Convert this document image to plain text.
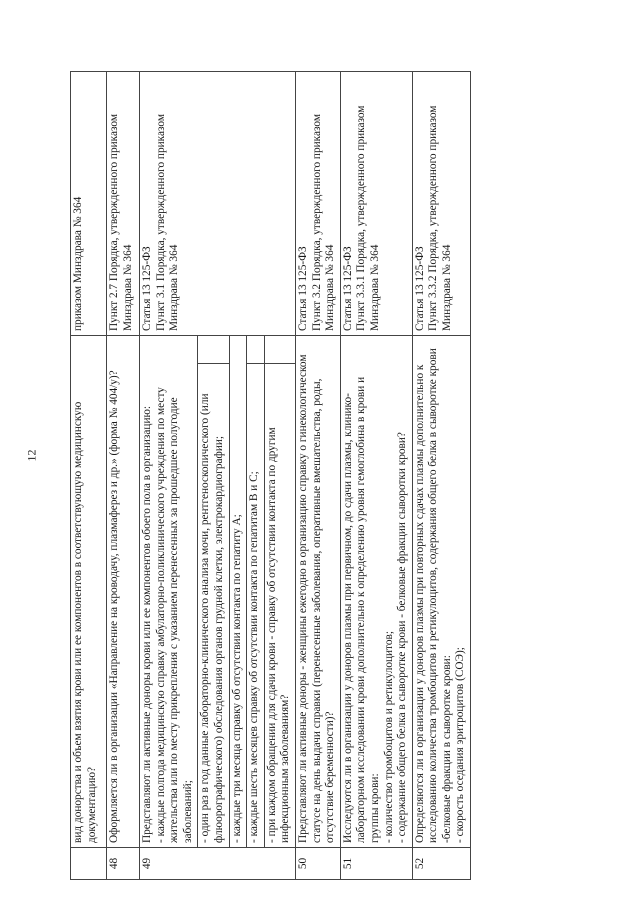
12
		вид донорства и объем взятия крови или ее компонентов в соответствующую медицинскую документацию?		приказом Минздрава № 364
48	Оформляется ли в организации «Направление на кроводачу, плазмаферез и др.» (форма № 404/у)?		Пункт 2.7 Порядка, утвержденного приказом Минздрава № 364
49	Представляют ли активные доноры крови или ее компонентов обоего пола в организацию:
- каждые полгода медицинскую справку амбулаторно-поликлинического учреждения по месту жительства или по месту прикрепления с указанием перенесенных за прошедшее полугодие заболеваний;		Статья 13 125-ФЗ
Пункт 3.1 Порядка, утвержденного приказом Минздрава № 364
	- один раз в год данные лабораторно-клинического анализа мочи, рентгеноскопического (или флюорографического) обследования органов грудной клетки, электрокардиографии;		
	- каждые три месяца справку об отсутствии контакта по гепатиту А;		
	- каждые шесть месяцев справку об отсутствии контакта по гепатитам В и С;		
	- при каждом обращении для сдачи крови - справку об отсутствии контакта по другим инфекционным заболеваниям?		
50	Представляют ли активные доноры - женщины ежегодно в организацию справку о гинекологическом статусе на день выдачи справки (перенесенные заболевания, оперативные вмешательства, роды, отсутствие беременности)?		Статья 13 125-ФЗ
Пункт 3.2 Порядка, утвержденного приказом Минздрава № 364
51	Исследуются ли в организации у доноров плазмы при первичном, до сдачи плазмы, клинико-лабораторном исследовании крови дополнительно к определению уровня гемоглобина в крови и группы крови:
- количество тромбоцитов и ретикулоцитов;
- содержание общего белка в сыворотке крови - белковые фракции сыворотки крови?		Статья 13 125-ФЗ
Пункт 3.3.1 Порядка, утвержденного приказом Минздрава № 364
52	Определяются ли в организации у доноров плазмы при повторных сдачах плазмы дополнительно к исследованию количества тромбоцитов и ретикулоцитов, содержания общего белка в сыворотке крови -белковые фракции в сыворотке крови:
- скорость оседания эритроцитов (СОЭ);		Статья 13 125-ФЗ
Пункт 3.3.2 Порядка, утвержденного приказом Минздрава № 364
